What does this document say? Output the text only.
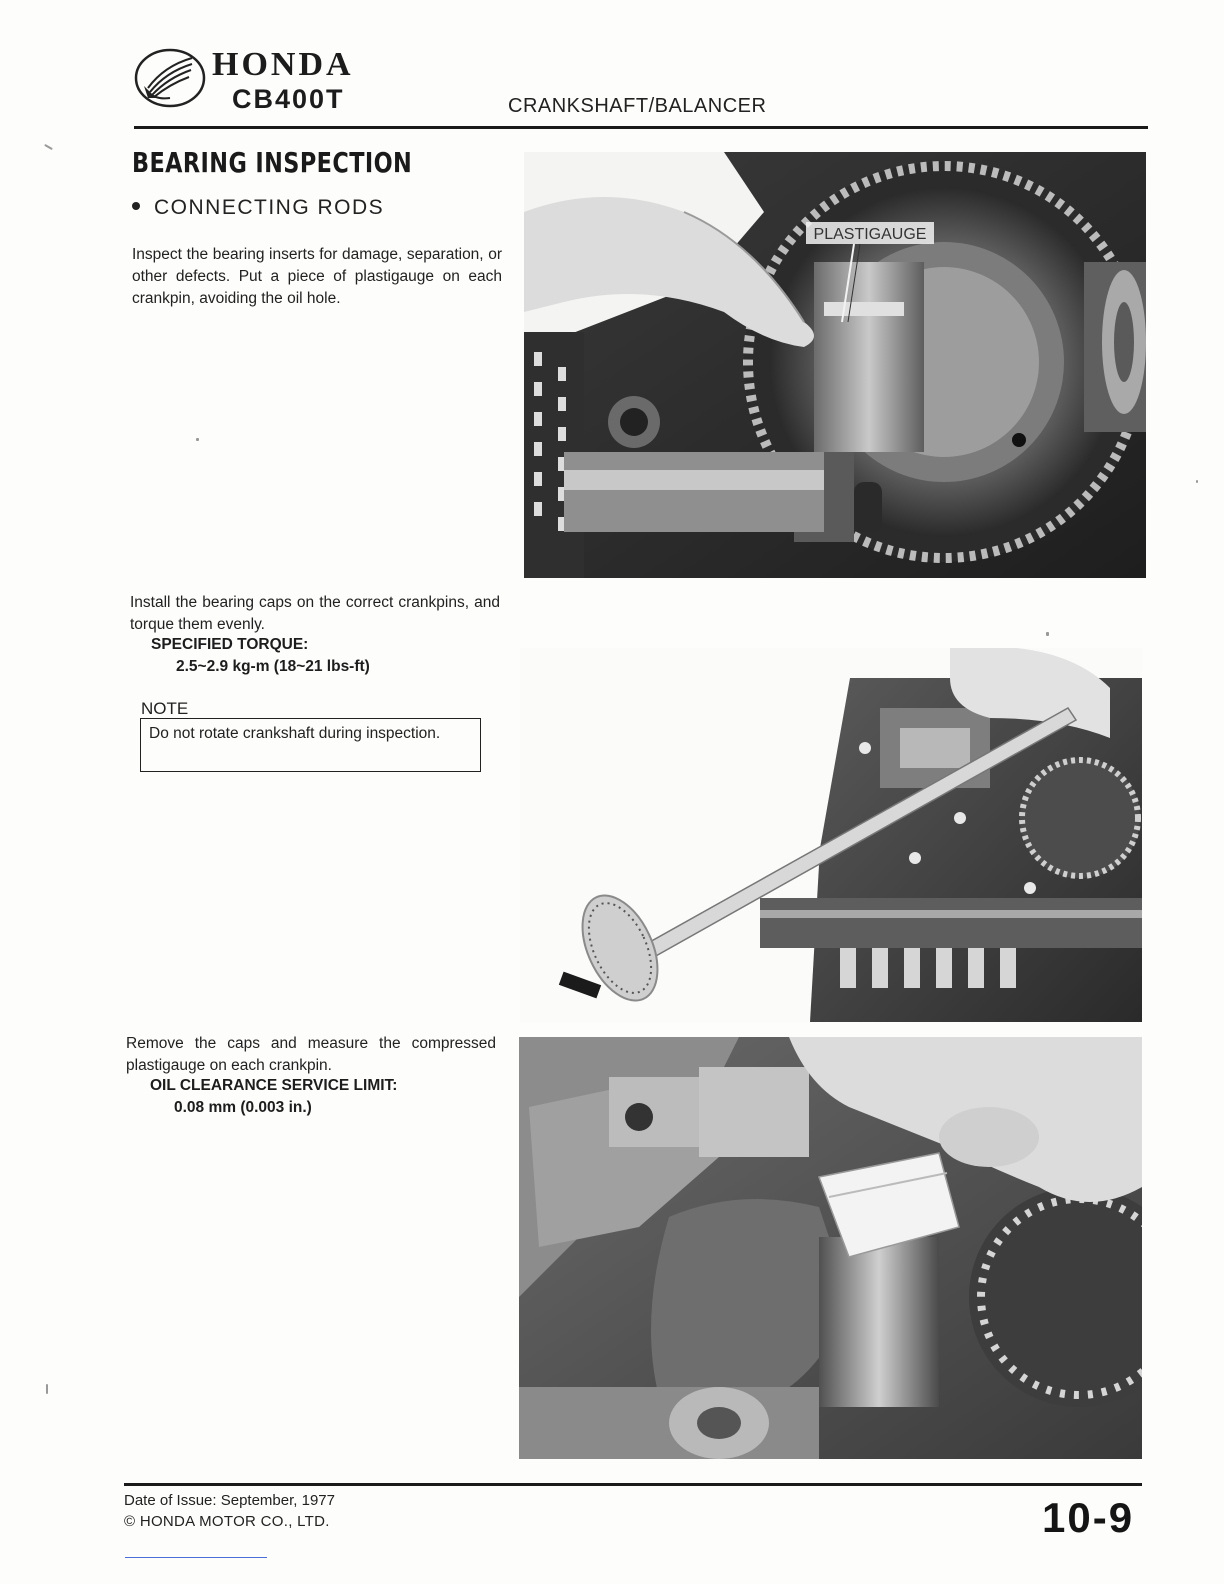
HONDA
CB400T	CRANKSHAFT/BALANCER
BEARING INSPECTION
CONNECTING RODS
Inspect the bearing inserts for damage, separation, or other defects. Put a piece of plastigauge on each crankpin, avoiding the oil hole.
Install the bearing caps on the correct crankpins, and torque them evenly.
SPECIFIED TORQUE:
2.5~2.9 kg-m (18~21 lbs-ft)
NOTE
Do not rotate crankshaft during inspection.
Remove the caps and measure the compressed plastigauge on each crankpin.
OIL CLEARANCE SERVICE LIMIT:
0.08 mm (0.003 in.)
PLASTIGAUGE
Date of Issue: September, 1977
© HONDA MOTOR CO., LTD.	10-9
